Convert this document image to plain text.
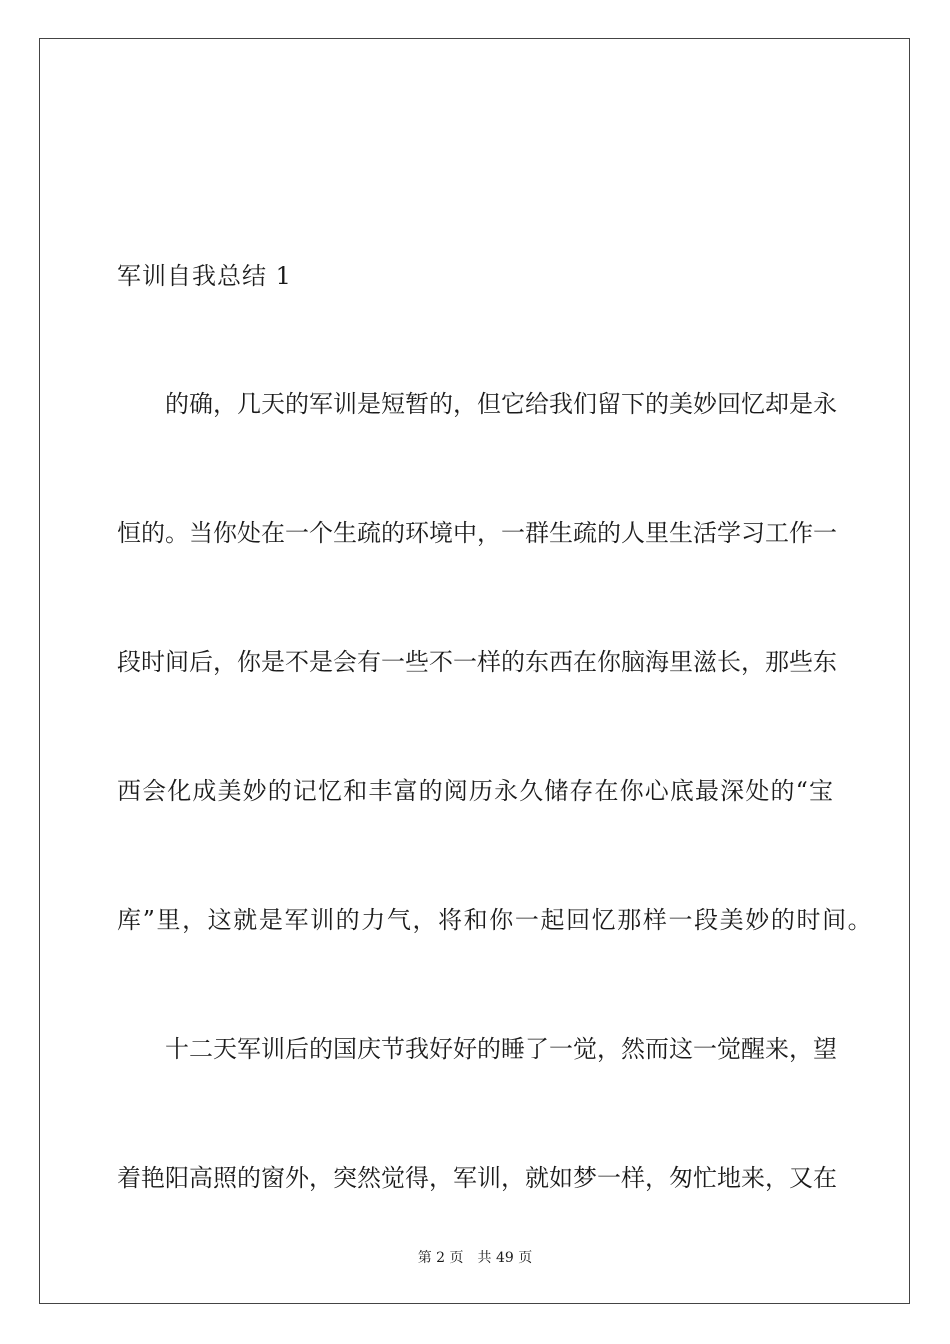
军训自我总结 1
的确，几天的军训是短暂的，但它给我们留下的美妙回忆却是永
恒的。当你处在一个生疏的环境中，一群生疏的人里生活学习工作一
段时间后，你是不是会有一些不一样的东西在你脑海里滋长，那些东
西会化成美妙的记忆和丰富的阅历永久储存在你心底最深处的“宝
库”里，这就是军训的力气，将和你一起回忆那样一段美妙的时间。
十二天军训后的国庆节我好好的睡了一觉，然而这一觉醒来，望
着艳阳高照的窗外，突然觉得，军训，就如梦一样，匆忙地来，又在
第 2 页 共 49 页
